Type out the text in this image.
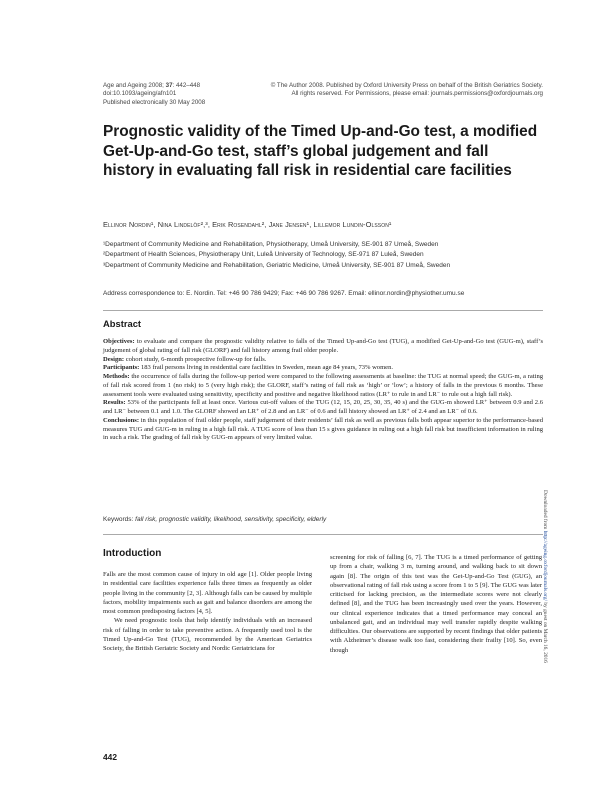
Age and Ageing 2008; 37: 442–448
doi:10.1093/ageing/afn101
Published electronically 30 May 2008
© The Author 2008. Published by Oxford University Press on behalf of the British Geriatrics Society.
All rights reserved. For Permissions, please email: journals.permissions@oxfordjournals.org
Prognostic validity of the Timed Up-and-Go test, a modified Get-Up-and-Go test, staff’s global judgement and fall history in evaluating fall risk in residential care facilities
Ellinor Nordin¹, Nina Lindelöf²,³, Erik Rosendahl², Jane Jensen¹, Lillemor Lundin-Olsson¹
¹Department of Community Medicine and Rehabilitation, Physiotherapy, Umeå University, SE-901 87 Umeå, Sweden
²Department of Health Sciences, Physiotherapy Unit, Luleå University of Technology, SE-971 87 Luleå, Sweden
³Department of Community Medicine and Rehabilitation, Geriatric Medicine, Umeå University, SE-901 87 Umeå, Sweden
Address correspondence to: E. Nordin. Tel: +46 90 786 9429; Fax: +46 90 786 9267. Email: ellinor.nordin@physiother.umu.se
Abstract

Objectives: to evaluate and compare the prognostic validity relative to falls of the Timed Up-and-Go test (TUG), a modified Get-Up-and-Go test (GUG-m), staff’s judgement of global rating of fall risk (GLORF) and fall history among frail older people.

Design: cohort study, 6-month prospective follow-up for falls.

Participants: 183 frail persons living in residential care facilities in Sweden, mean age 84 years, 73% women.

Methods: the occurrence of falls during the follow-up period were compared to the following assessments at baseline: the TUG at normal speed; the GUG-m, a rating of fall risk scored from 1 (no risk) to 5 (very high risk); the GLORF, staff’s rating of fall risk as ‘high’ or ‘low’; a history of falls in the previous 6 months. These assessment tools were evaluated using sensitivity, specificity and positive and negative likelihood ratios (LR⁺ to rule in and LR⁻ to rule out a high fall risk).

Results: 53% of the participants fell at least once. Various cut-off values of the TUG (12, 15, 20, 25, 30, 35, 40 s) and the GUG-m showed LR⁺ between 0.9 and 2.6 and LR⁻ between 0.1 and 1.0. The GLORF showed an LR⁺ of 2.8 and an LR⁻ of 0.6 and fall history showed an LR⁺ of 2.4 and an LR⁻ of 0.6.

Conclusions: in this population of frail older people, staff judgement of their residents’ fall risk as well as previous falls both appear superior to the performance-based measures TUG and GUG-m in ruling in a high fall risk. A TUG score of less than 15 s gives guidance in ruling out a high fall risk but insufficient information in ruling in such a risk. The grading of fall risk by GUG-m appears of very limited value.

Keywords: fall risk, prognostic validity, likelihood, sensitivity, specificity, elderly
Introduction

Falls are the most common cause of injury in old age [1]. Older people living in residential care facilities experience falls three times as frequently as older people living in the community [2, 3]. Although falls can be caused by multiple factors, mobility impairments such as gait and balance disorders are among the most common predisposing factors [4, 5].

We need prognostic tools that help identify individuals with an increased risk of falling in order to take preventive action. A frequently used tool is the Timed Up-and-Go Test (TUG), recommended by the American Geriatrics Society, the British Geriatric Society and Nordic Geriatricians for

screening for risk of falling [6, 7]. The TUG is a timed performance of getting up from a chair, walking 3 m, turning around, and walking back to sit down again [8]. The origin of this test was the Get-Up-and-Go Test (GUG), an observational rating of fall risk using a score from 1 to 5 [9]. The GUG was later criticised for lacking precision, as the intermediate scores were not clearly defined [8], and the TUG has been increasingly used over the years. However, our clinical experience indicates that a timed performance may conceal an unbalanced gait, and an individual may well transfer rapidly despite walking difficulties. Our observations are supported by recent findings that older patients with Alzheimer’s disease walk too fast, considering their frailty [10]. So, even though

442
Downloaded from http://ageing.oxfordjournals.org/ by guest on March 16, 2016
